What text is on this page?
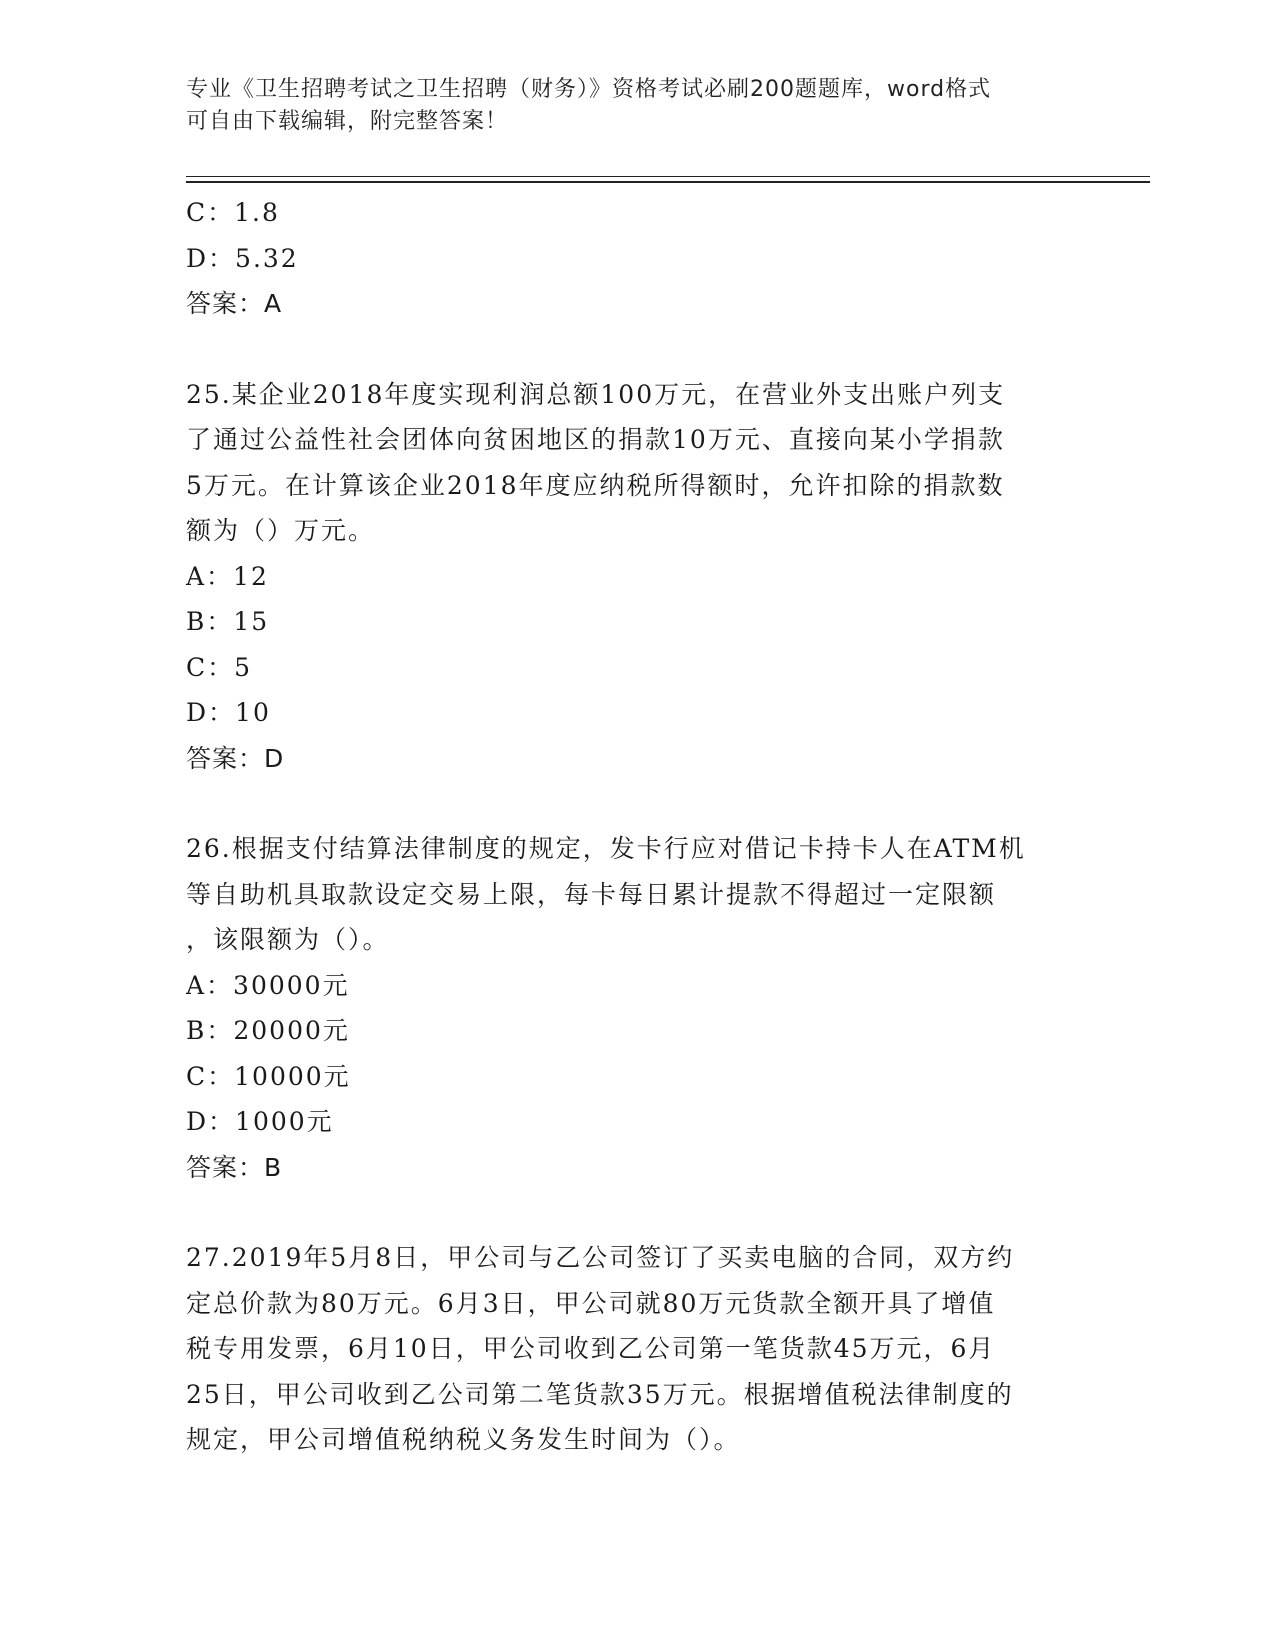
专业《卫生招聘考试之卫生招聘（财务）》资格考试必刷200题题库，word格式
可自由下载编辑，附完整答案！

C：1.8

D：5.32

答案：A

25.某企业2018年度实现利润总额100万元，在营业外支出账户列支

了通过公益性社会团体向贫困地区的捐款10万元、直接向某小学捐款

5万元。在计算该企业2018年度应纳税所得额时，允许扣除的捐款数

额为（）万元。

A：12

B：15

C：5

D：10

答案：D

26.根据支付结算法律制度的规定，发卡行应对借记卡持卡人在ATM机

等自助机具取款设定交易上限，每卡每日累计提款不得超过一定限额

，该限额为（）。

A：30000元

B：20000元

C：10000元

D：1000元

答案：B

27.2019年5月8日，甲公司与乙公司签订了买卖电脑的合同，双方约

定总价款为80万元。6月3日，甲公司就80万元货款全额开具了增值

税专用发票，6月10日，甲公司收到乙公司第一笔货款45万元，6月

25日，甲公司收到乙公司第二笔货款35万元。根据增值税法律制度的

规定，甲公司增值税纳税义务发生时间为（）。
